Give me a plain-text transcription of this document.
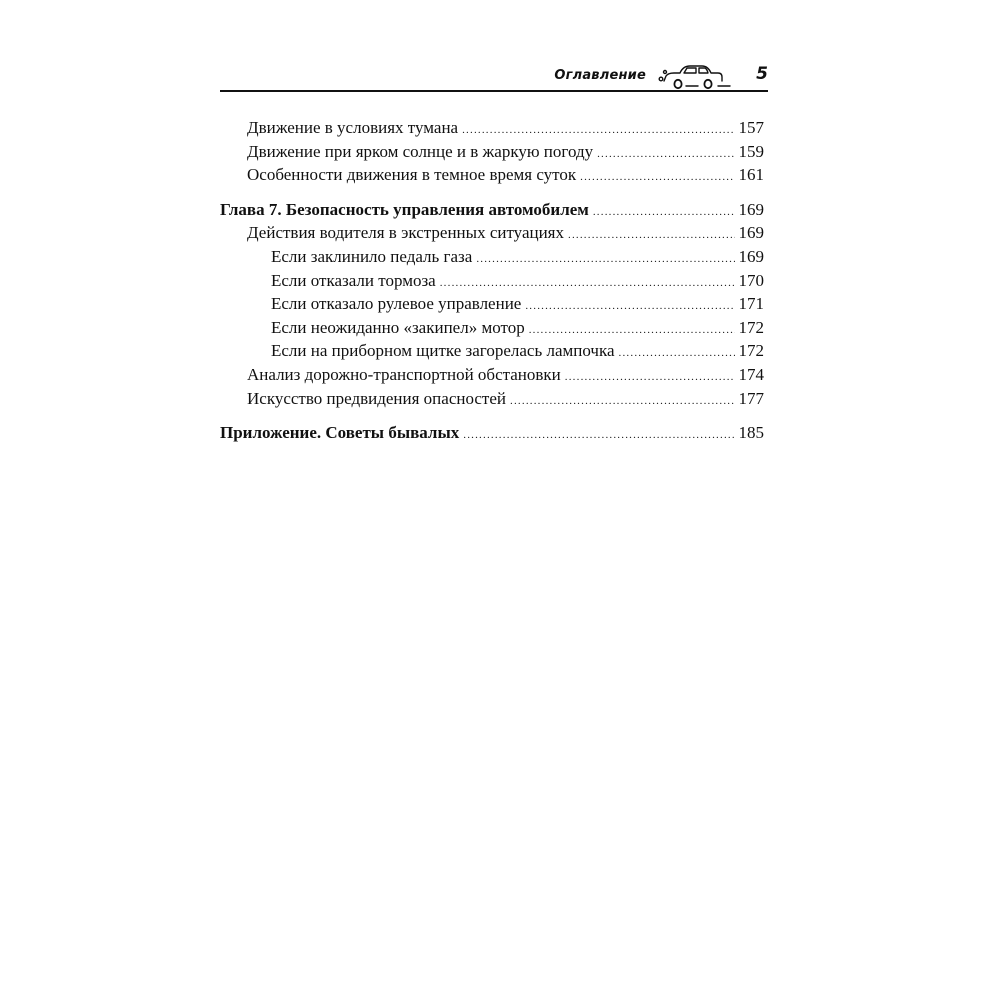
Оглавление	5
Движение в условиях тумана .....	157
Движение при ярком солнце и в жаркую погоду .....	159
Особенности движения в темное время суток .....	161
Глава 7. Безопасность управления автомобилем .....	169
Действия водителя в экстренных ситуациях .....	169
Если заклинило педаль газа .....	169
Если отказали тормоза .....	170
Если отказало рулевое управление .....	171
Если неожиданно «закипел» мотор .....	172
Если на приборном щитке загорелась лампочка .....	172
Анализ дорожно-транспортной обстановки .....	174
Искусство предвидения опасностей .....	177
Приложение. Советы бывалых .....	185
